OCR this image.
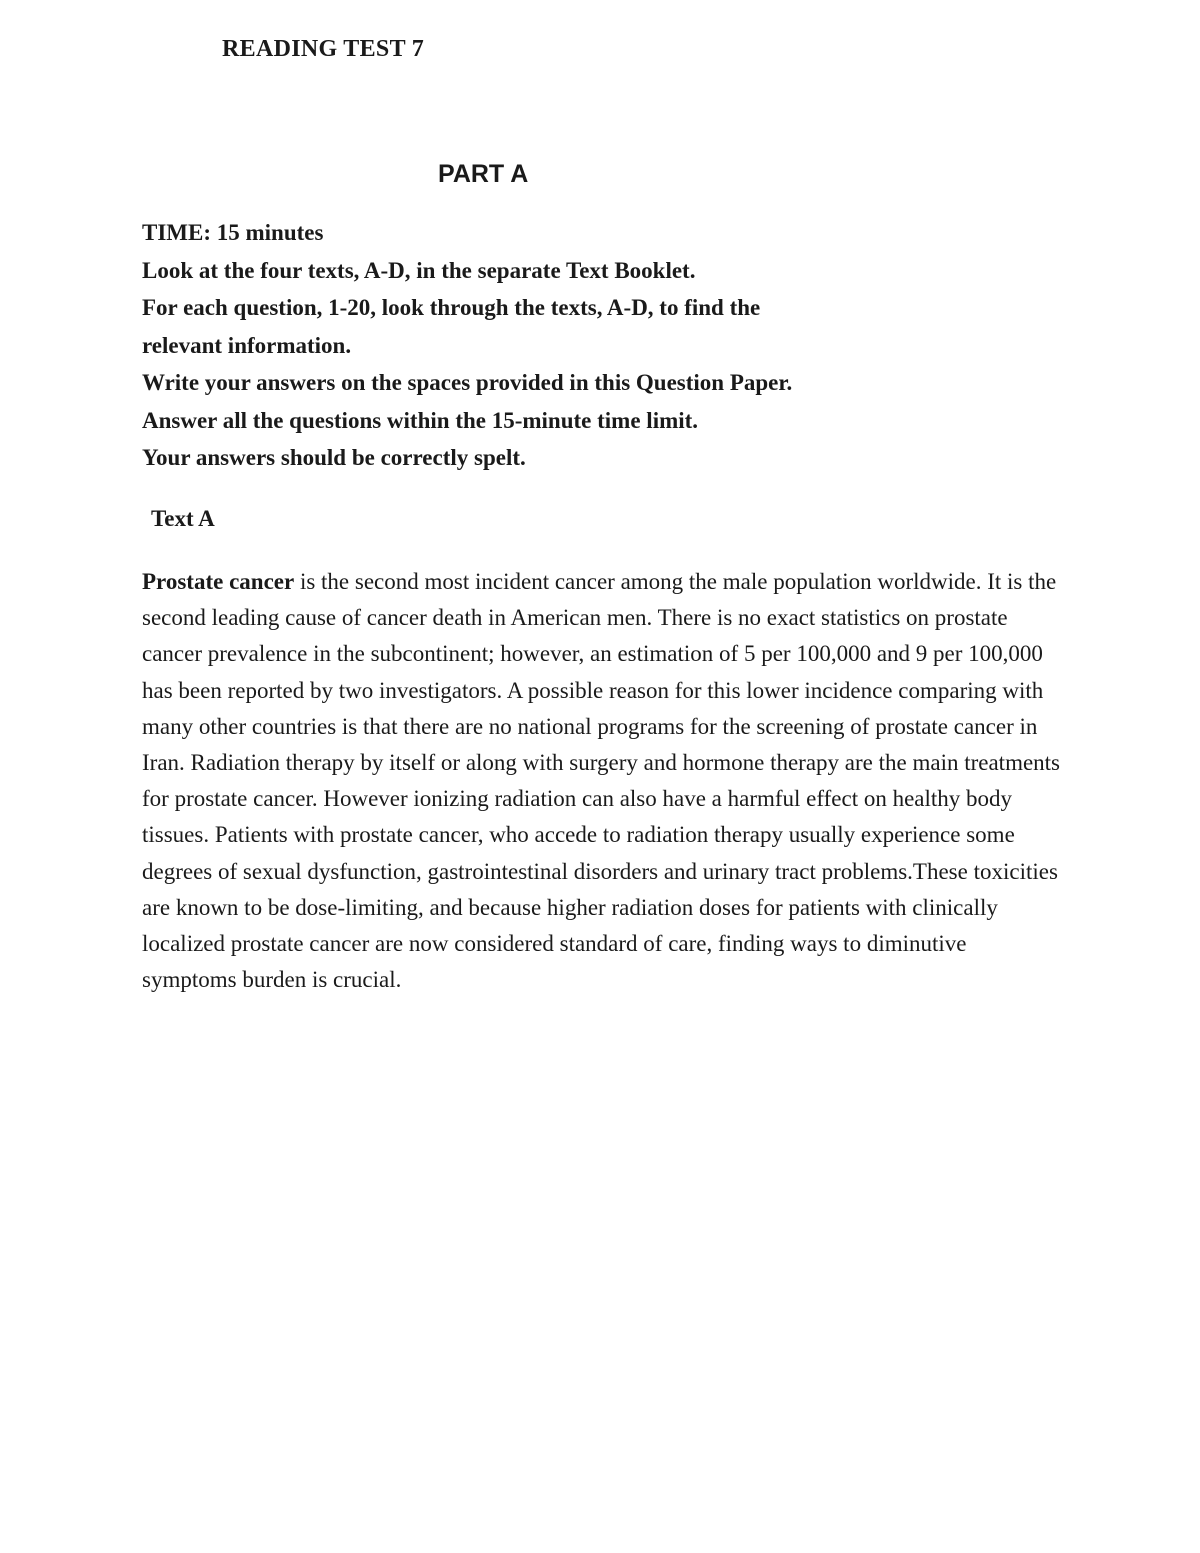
READING TEST 7
PART A
TIME: 15 minutes
Look at the four texts, A-D, in the separate Text Booklet.
For each question, 1-20, look through the texts, A-D, to find the
relevant information.
Write your answers on the spaces provided in this Question Paper.
Answer all the questions within the 15-minute time limit.
Your answers should be correctly spelt.
Text A

Prostate cancer is the second most incident cancer among the male population worldwide. It is the second leading cause of cancer death in American men. There is no exact statistics on prostate cancer prevalence in the subcontinent; however, an estimation of 5 per 100,000 and 9 per 100,000 has been reported by two investigators. A possible reason for this lower incidence comparing with many other countries is that there are no national programs for the screening of prostate cancer in Iran. Radiation therapy by itself or along with surgery and hormone therapy are the main treatments for prostate cancer. However ionizing radiation can also have a harmful effect on healthy body tissues. Patients with prostate cancer, who accede to radiation therapy usually experience some degrees of sexual dysfunction, gastrointestinal disorders and urinary tract problems.These toxicities are known to be dose-limiting, and because higher radiation doses for patients with clinically localized prostate cancer are now considered standard of care, finding ways to diminutive symptoms burden is crucial.
